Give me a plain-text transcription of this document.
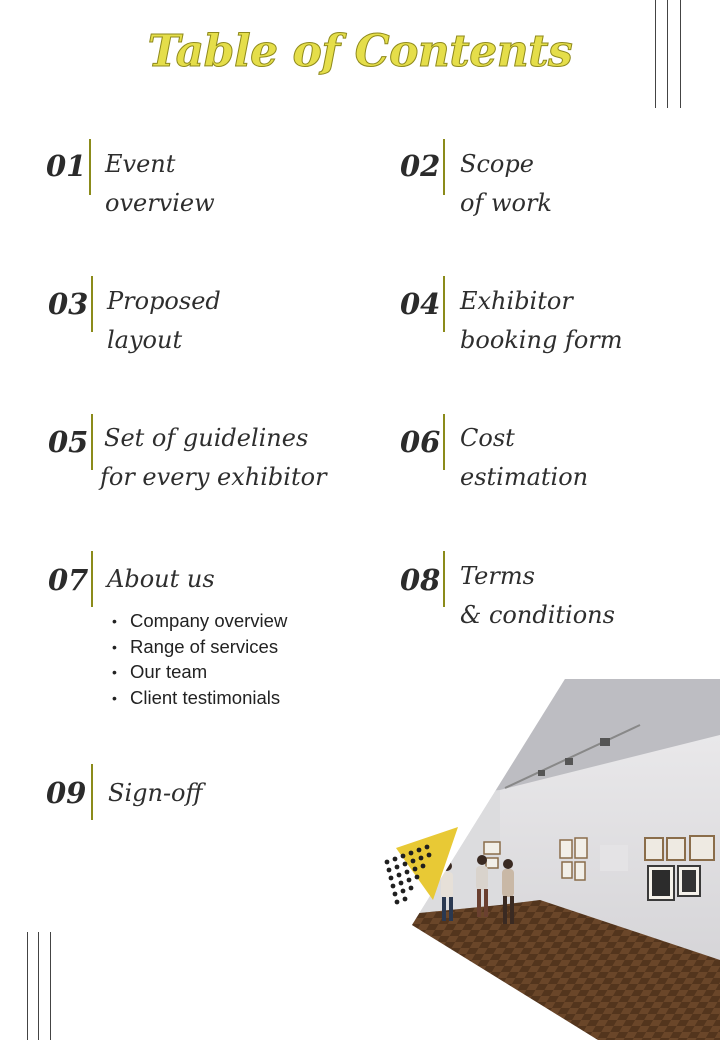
Table of Contents
01 Event
overview
02 Scope
of work
03 Proposed
layout
04 Exhibitor
booking form
05 Set of guidelines
for every exhibitor
06 Cost
estimation
07 About us
• Company overview
• Range of services
• Our team
• Client testimonials
08 Terms
& conditions
09 Sign-off
